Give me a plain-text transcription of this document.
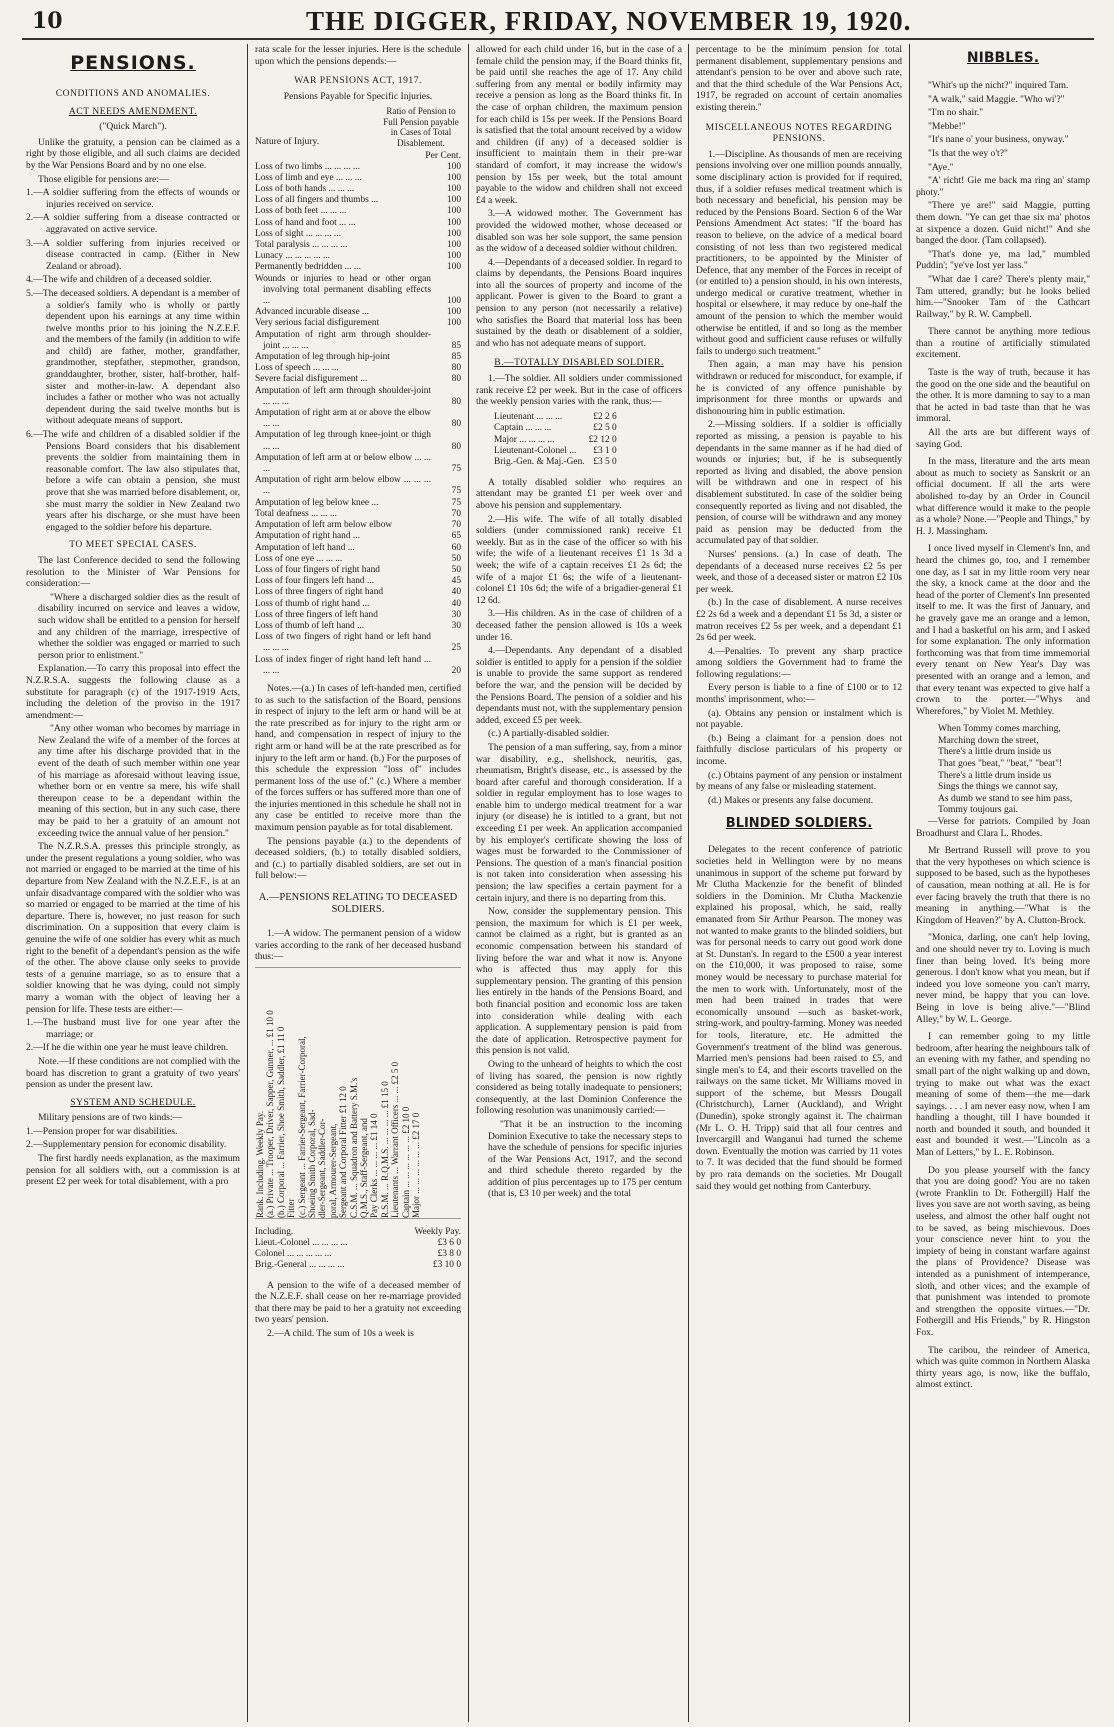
10	THE DIGGER, FRIDAY, NOVEMBER 19, 1920.
PENSIONS.

CONDITIONS AND ANOMALIES.

ACT NEEDS AMENDMENT.

("Quick March").

Unlike the gratuity, a pension can be claimed as a right by those eligible, and all such claims are decided by the War Pensions Board and by no one else.

Those eligible for pensions are:—

1.—A soldier suffering from the effects of wounds or injuries received on service.

2.—A soldier suffering from a disease contracted or aggravated on active service.

3.—A soldier suffering from injuries received or disease contracted in camp. (Either in New Zealand or abroad).

4.—The wife and children of a deceased soldier.

5.—The deceased soldiers. A dependant is a member of a soldier's family who is wholly or partly dependent upon his earnings at any time within twelve months prior to his joining the N.Z.E.F. and the members of the family (in addition to wife and child) are father, mother, grandfather, grandmother, stepfather, stepmother, grandson, granddaughter, brother, sister, half-brother, half-sister and mother-in-law. A dependant also includes a father or mother who was not actually dependent during the said twelve months but is without adequate means of support.

6.—The wife and children of a disabled soldier if the Pensions Board considers that his disablement prevents the soldier from maintaining them in reasonable comfort. The law also stipulates that, before a wife can obtain a pension, she must prove that she was married before disablement, or, she must marry the soldier in New Zealand two years after his discharge, or she must have been engaged to the soldier before his departure.

TO MEET SPECIAL CASES.

The last Conference decided to send the following resolution to the Minister of War Pensions for consideration:—

"Where a discharged soldier dies as the result of disability incurred on service and leaves a widow, such widow shall be entitled to a pension for herself and any children of the marriage, irrespective of whether the soldier was engaged or married to such person prior to enlistment."

Explanation.—To carry this proposal into effect the N.Z.R.S.A. suggests the following clause as a substitute for paragraph (c) of the 1917-1919 Acts, including the deletion of the proviso in the 1917 amendment:—

"Any other woman who becomes by marriage in New Zealand the wife of a member of the forces at any time after his discharge provided that in the event of the death of such member within one year of his marriage as aforesaid without leaving issue, whether born or en ventre sa mere, his wife shall thereupon cease to be a dependant within the meaning of this section, but in any such case, there may be paid to her a gratuity of an amount not exceeding twice the annual value of her pension."

The N.Z.R.S.A. presses this principle strongly, as under the present regulations a young soldier, who was not married or engaged to be married at the time of his departure from New Zealand with the N.Z.E.F., is at an unfair disadvantage compared with the soldier who was so married or engaged to be married at the time of his departure. There is, however, no just reason for such discrimination. On a supposition that every claim is genuine the wife of one soldier has every whit as much right to the benefit of a dependant's pension as the wife of the other. The above clause only seeks to provide tests of a genuine marriage, so as to ensure that a soldier knowing that he was dying, could not simply marry a woman with the object of leaving her a pension for life. These tests are either:—

1.—The husband must live for one year after the marriage; or

2.—If he die within one year he must leave children.

Note.—If these conditions are not complied with the board has discretion to grant a gratuity of two years' pension as under the present law.

SYSTEM AND SCHEDULE.

Military pensions are of two kinds:—

1.—Pension proper for war disabilities.

2.—Supplementary pension for economic disability.

The first hardly needs explanation, as the maximum pension for all soldiers with, out a commission is at present £2 per week for total disablement, with a pro

rata scale for the lesser injuries. Here is the schedule upon which the pensions depends:—

WAR PENSIONS ACT, 1917.

Pensions Payable for Specific Injuries.

Nature of Injury.
Ratio of Pension to Full Pension payable in Cases of Total Disablement.
Per Cent.
Loss of two limbs ... ... ... ...	100
Loss of limb and eye ... ... ...	100
Loss of both hands ... ... ...	100
Loss of all fingers and thumbs ...	100
Loss of both feet ... ... ...	100
Loss of hand and foot ... ...	100
Loss of sight ... ... ... ...	100
Total paralysis ... ... ... ...	100
Lunacy ... ... ... ... ...	100
Permanently bedridden ... ...	100
Wounds or injuries to head or other organ involving total permanent disabling effects ...	100
Advanced incurable disease ...	100
Very serious facial disfigurement	100
Amputation of right arm through shoulder-joint ... ... ...	85
Amputation of leg through hip-joint	85
Loss of speech ... ... ...	80
Severe facial disfigurement ...	80
Amputation of left arm through shoulder-joint ... ... ...	80
Amputation of right arm at or above the elbow ... ...	80
Amputation of leg through knee-joint or thigh ... ...	80
Amputation of left arm at or below elbow ... ... ...	75
Amputation of right arm below elbow ... ... ... ...	75
Amputation of leg below knee ...	75
Total deafness ... ... ...	70
Amputation of left arm below elbow	70
Amputation of right hand ...	65
Amputation of left hand ...	60
Loss of one eye ... ... ...	50
Loss of four fingers of right hand	50
Loss of four fingers left hand ...	45
Loss of three fingers of right hand	40
Loss of thumb of right hand ...	40
Loss of three fingers of left hand	30
Loss of thumb of left hand ...	30
Loss of two fingers of right hand or left hand ... ... ...	25
Loss of index finger of right hand left hand ... ... ...	20

Notes.—(a.) In cases of left-handed men, certified to as such to the satisfaction of the Board, pensions in respect of injury to the left arm or hand will be at the rate prescribed as for injury to the right arm or hand, and compensation in respect of injury to the right arm or hand will be at the rate prescribed as for injury to the left arm or hand. (b.) For the purposes of this schedule the expression "loss of" includes permanent loss of the use of." (c.) Where a member of the forces suffers or has suffered more than one of the injuries mentioned in this schedule he shall not in any case be entitled to receive more than the maximum pension payable as for total disablement.

The pensions payable (a.) to the dependents of deceased soldiers, (b.) to totally disabled soldiers, and (c.) to partially disabled soldiers, are set out in full below:—

A.—PENSIONS RELATING TO DECEASED SOLDIERS.

1.—A widow. The permanent pension of a widow varies according to the rank of her deceased husband thus:—

Rank. Including. Weekly Pay. (a.) Private ... Trooper, Driver, Sapper, Gunner, ... £1 10 0 (b.) Corporal ... Farrier, Shoe Smith, Saddler, £1 11 0 Fitter (c.) Sergeant ... Farrier-Sergeant, Farrier-Corporal, Shoeing Smith Corporal, Sad- dler-Sergeant, Saddler-Cor- poral, Armourer-Sergeant, Sergeant and Corporal Fitter £1 12 0 C.S.M. ... Squadron and Battery S.M.'s Q.M.S., Staff-Sergeant, and Pay Clerks ... ... ... ... £1 14 0 R.S.M. ... R.Q.M.S. ... ... ... ... £1 15 0 Lieutenants ... Warrant Officers ... ... £2 5 0 Captain ... ... ... ... ... ... £2 10 0 Major ... ... ... ... ... ... £2 17 0
Including.	Weekly Pay.
Lieut.-Colonel ... ... ... ...	£3 6 0
Colonel ... ... ... ... ...	£3 8 0
Brig.-General ... ... ... ...	£3 10 0

A pension to the wife of a deceased member of the N.Z.E.F. shall cease on her re-marriage provided that there may be paid to her a gratuity not exceeding two years' pension.

2.—A child. The sum of 10s a week is

allowed for each child under 16, but in the case of a female child the pension may, if the Board thinks fit, be paid until she reaches the age of 17. Any child suffering from any mental or bodily infirmity may receive a pension as long as the Board thinks fit. In the case of orphan children, the maximum pension for each child is 15s per week. If the Pensions Board is satisfied that the total amount received by a widow and children (if any) of a deceased soldier is insufficient to maintain them in their pre-war standard of comfort, it may increase the widow's pension by 15s per week, but the total amount payable to the widow and children shall not exceed £4 a week.

3.—A widowed mother. The Government has provided the widowed mother, whose deceased or disabled son was her sole support, the same pension as the widow of a deceased soldier without children.

4.—Dependants of a deceased soldier. In regard to claims by dependants, the Pensions Board inquires into all the sources of property and income of the applicant. Power is given to the Board to grant a pension to any person (not necessarily a relative) who satisfies the Board that material loss has been sustained by the death or disablement of a soldier, and who has not adequate means of support.

B.—TOTALLY DISABLED SOLDIER.

1.—The soldier. All soldiers under commissioned rank receive £2 per week. But in the case of officers the weekly pension varies with the rank, thus:—

Lieutenant ... ... ...	£2 2 6
Captain ... ... ...	£2 5 0
Major ... ... ... ...	£2 12 0
Lieutenant-Colonel ...	£3 1 0
Brig.-Gen. & Maj.-Gen.	£3 5 0

A totally disabled soldier who requires an attendant may be granted £1 per week over and above his pension and supplementary.

2.—His wife. The wife of all totally disabled soldiers (under commissioned rank) receive £1 weekly. But as in the case of the officer so with his wife; the wife of a lieutenant receives £1 1s 3d a week; the wife of a captain receives £1 2s 6d; the wife of a major £1 6s; the wife of a lieutenant-colonel £1 10s 6d; the wife of a brigadier-general £1 12 6d.

3.—His children. As in the case of children of a deceased father the pension allowed is 10s a week under 16.

4.—Dependants. Any dependant of a disabled soldier is entitled to apply for a pension if the soldier is unable to provide the same support as rendered before the war, and the pension will be decided by the Pensions Board. The pension of a soldier and his dependants must not, with the supplementary pension added, exceed £5 per week.

(c.) A partially-disabled soldier.

The pension of a man suffering, say, from a minor war disability, e.g., shellshock, neuritis, gas, rheumatism, Bright's disease, etc., is assessed by the board after careful and thorough consideration. If a soldier in regular employment has to lose wages to enable him to undergo medical treatment for a war injury (or disease) he is intitled to a grant, but not exceeding £1 per week. An application accompanied by his employer's certificate showing the loss of wages must be forwarded to the Commissioner of Pensions. The question of a man's financial position is not taken into consideration when assessing his pension; the law specifies a certain payment for a certain injury, and there is no departing from this.

Now, consider the supplementary pension. This pension, the maximum for which is £1 per week, cannot be claimed as a right, but is granted as an economic compensation between his standard of living before the war and what it now is. Anyone who is affected thus may apply for this supplementary pension. The granting of this pension lies entirely in the hands of the Pensions Board, and both financial position and economic loss are taken into consideration while dealing with each application. A supplementary pension is paid from the date of application. Retrospective payment for this pension is not valid.

Owing to the unheard of heights to which the cost of living has soared, the pension is now rightly considered as being totally inadequate to pensioners; consequently, at the last Dominion Conference the following resolution was unanimously carried:—

"That it be an instruction to the incoming Dominion Executive to take the necessary steps to have the schedule of pensions for specific injuries of the War Pensions Act, 1917, and the second and third schedule thereto regarded by the addition of plus percentages up to 175 per centum (that is, £3 10 per week) and the total

percentage to be the minimum pension for total permanent disablement, supplementary pensions and attendant's pension to be over and above such rate, and that the third schedule of the War Pensions Act, 1917, be regraded on account of certain anomalies existing therein."

MISCELLANEOUS NOTES REGARDING PENSIONS.

1.—Discipline. As thousands of men are receiving pensions involving over one million pounds annually, some disciplinary action is provided for if required, thus, if a soldier refuses medical treatment which is both necessary and beneficial, his pension may be reduced by the Pensions Board. Section 6 of the War Pensions Amendment Act states: "If the board has reason to believe, on the advice of a medical board consisting of not less than two registered medical practitioners, to be appointed by the Minister of Defence, that any member of the Forces in receipt of (or entitled to) a pension should, in his own interests, undergo medical or curative treatment, whether in hospital or elsewhere, it may reduce by one-half the amount of the pension to which the member would otherwise be entitled, if and so long as the member without good and sufficient cause refuses or wilfully fails to undergo such treatment."

Then again, a man may have his pension withdrawn or reduced for misconduct, for example, if he is convicted of any offence punishable by imprisonment for three months or upwards and dishonouring him in public estimation.

2.—Missing soldiers. If a soldier is officially reported as missing, a pension is payable to his dependants in the same manner as if he had died of wounds or injuries; but, if he is subsequently reported as living and disabled, the above pension will be withdrawn and one in respect of his disablement substituted. In case of the soldier being consequently reported as living and not disabled, the pension, of course will be withdrawn and any money paid as pension may be deducted from the accumulated pay of that soldier.

Nurses' pensions. (a.) In case of death. The dependants of a deceased nurse receives £2 5s per week, and those of a deceased sister or matron £2 10s per week.

(b.) In the case of disablement. A nurse receives £2 2s 6d a week and a dependant £1 5s 3d, a sister or matron receives £2 5s per week, and a dependant £1 2s 6d per week.

4.—Penalties. To prevent any sharp practice among soldiers the Government had to frame the following regulations:—

Every person is liable to a fine of £100 or to 12 months' imprisonment, who:—

(a). Obtains any pension or instalment which is not payable.

(b.) Being a claimant for a pension does not faithfully disclose particulars of his property or income.

(c.) Obtains payment of any pension or instalment by means of any false or misleading statement.

(d.) Makes or presents any false document.

BLINDED SOLDIERS.

Delegates to the recent conference of patriotic societies held in Wellington were by no means unanimous in support of the scheme put forward by Mr Clutha Mackenzie for the benefit of blinded soldiers in the Dominion. Mr Clutha Mackenzie explained his proposal, which, he said, really emanated from Sir Arthur Pearson. The money was not wanted to make grants to the blinded soldiers, but was for personal needs to carry out good work done at St. Dunstan's. In regard to the £500 a year interest on the £10,000, it was proposed to raise, some money would be necessary to purchase material for the men to work with. Unfortunately, most of the men had been trained in trades that were economically unsound —such as basket-work, string-work, and poultry-farming. Money was needed for tools, literature, etc. He admitted the Government's treatment of the blind was generous. Married men's pensions had been raised to £5, and single men's to £4, and their escorts travelled on the railways on the same ticket. Mr Williams moved in support of the scheme, but Messrs Dougall (Christchurch), Larner (Auckland), and Wright (Dunedin), spoke strongly against it. The chairman (Mr L. O. H. Tripp) said that all four centres and Invercargill and Wanganui had turned the scheme down. Eventually the motion was carried by 11 votes to 7. It was decided that the fund should be formed by pro rata demands on the societies. Mr Dougall said they would get nothing from Canterbury.

NIBBLES.

"Whit's up the nicht?" inquired Tam.

"A walk," said Maggie. "Who wi'?"

"I'm no shair."

"Mebbe!"

"It's nane o' your business, onyway."

"Is that the wey o't?"

"Aye."

"A' richt! Gie me back ma ring an' stamp photy."

"There ye are!" said Maggie, putting them down. "Ye can get thae six ma' photos at sixpence a dozen. Guid nicht!" And she banged the door. (Tam collapsed).

"That's done ye, ma lad," mumbled Puddin'; "ye've lost yer lass."

"What dae I care? There's plenty mair," Tam uttered, grandly; but he looks belied him.—"Snooker Tam of the Cathcart Railway," by R. W. Campbell.

There cannot be anything more tedious than a routine of artificially stimulated excitement.

Taste is the way of truth, because it has the good on the one side and the beautiful on the other. It is more damning to say to a man that he acted in bad taste than that he was immoral.

All the arts are but different ways of saying God.

In the mass, literature and the arts mean about as much to society as Sanskrit or an official document. If all the arts were abolished to-day by an Order in Council what difference would it make to the people as a whole? None.—"People and Things," by H. J. Massingham.

I once lived myself in Clement's Inn, and heard the chimes go, too, and I remember one day, as I sat in my little room very near the sky, a knock came at the door and the head of the porter of Clement's Inn presented itself to me. It was the first of January, and he gravely gave me an orange and a lemon, and I had a basketful on his arm, and I asked for some explanation. The only information forthcoming was that from time immemorial every tenant on New Year's Day was presented with an orange and a lemon, and that every tenant was expected to give half a crown to the porter.—"Whys and Wherefores," by Violet M. Methley.

When Tommy comes marching,

Marching down the street,

There's a little drum inside us

That goes "beat," "beat," "beat"!

There's a little drum inside us

Sings the things we cannot say,

As dumb we stand to see him pass,

Tommy toujours gai.

—Verse for patriots. Compiled by Joan Broadhurst and Clara L. Rhodes.

Mr Bertrand Russell will prove to you that the very hypotheses on which science is supposed to be based, such as the hypotheses of causation, mean nothing at all. He is for ever facing bravely the truth that there is no meaning in anything.—"What is the Kingdom of Heaven?" by A. Clutton-Brock.

"Monica, darling, one can't help loving, and one should never try to. Loving is much finer than being loved. It's being more generous. I don't know what you mean, but if indeed you love someone you can't marry, never mind, be happy that you can love. Being in love is being alive."—"Blind Alley," by W. L. George.

I can remember going to my little bedroom, after hearing the neighbours talk of an evening with my father, and spending no small part of the night walking up and down, trying to make out what was the exact meaning of some of them—the me—dark sayings. . . . I am never easy now, when I am handling a thought, till I have bounded it north and bounded it south, and bounded it east and bounded it west.—"Lincoln as a Man of Letters," by L. E. Robinson.

Do you please yourself with the fancy that you are doing good? You are no taken (wrote Franklin to Dr. Fothergill) Half the lives you save are not worth saving, as being useless, and almost the other half ought not to be saved, as being mischievous. Does your conscience never hint to you the impiety of being in constant warfare against the plans of Providence? Disease was intended as a punishment of intemperance, sloth, and other vices; and the example of that punishment was intended to promote and strengthen the opposite virtues.—"Dr. Fothergill and His Friends," by R. Hingston Fox.

The caribou, the reindeer of America, which was quite common in Northern Alaska thirty years ago, is now, like the buffalo, almost extinct.
